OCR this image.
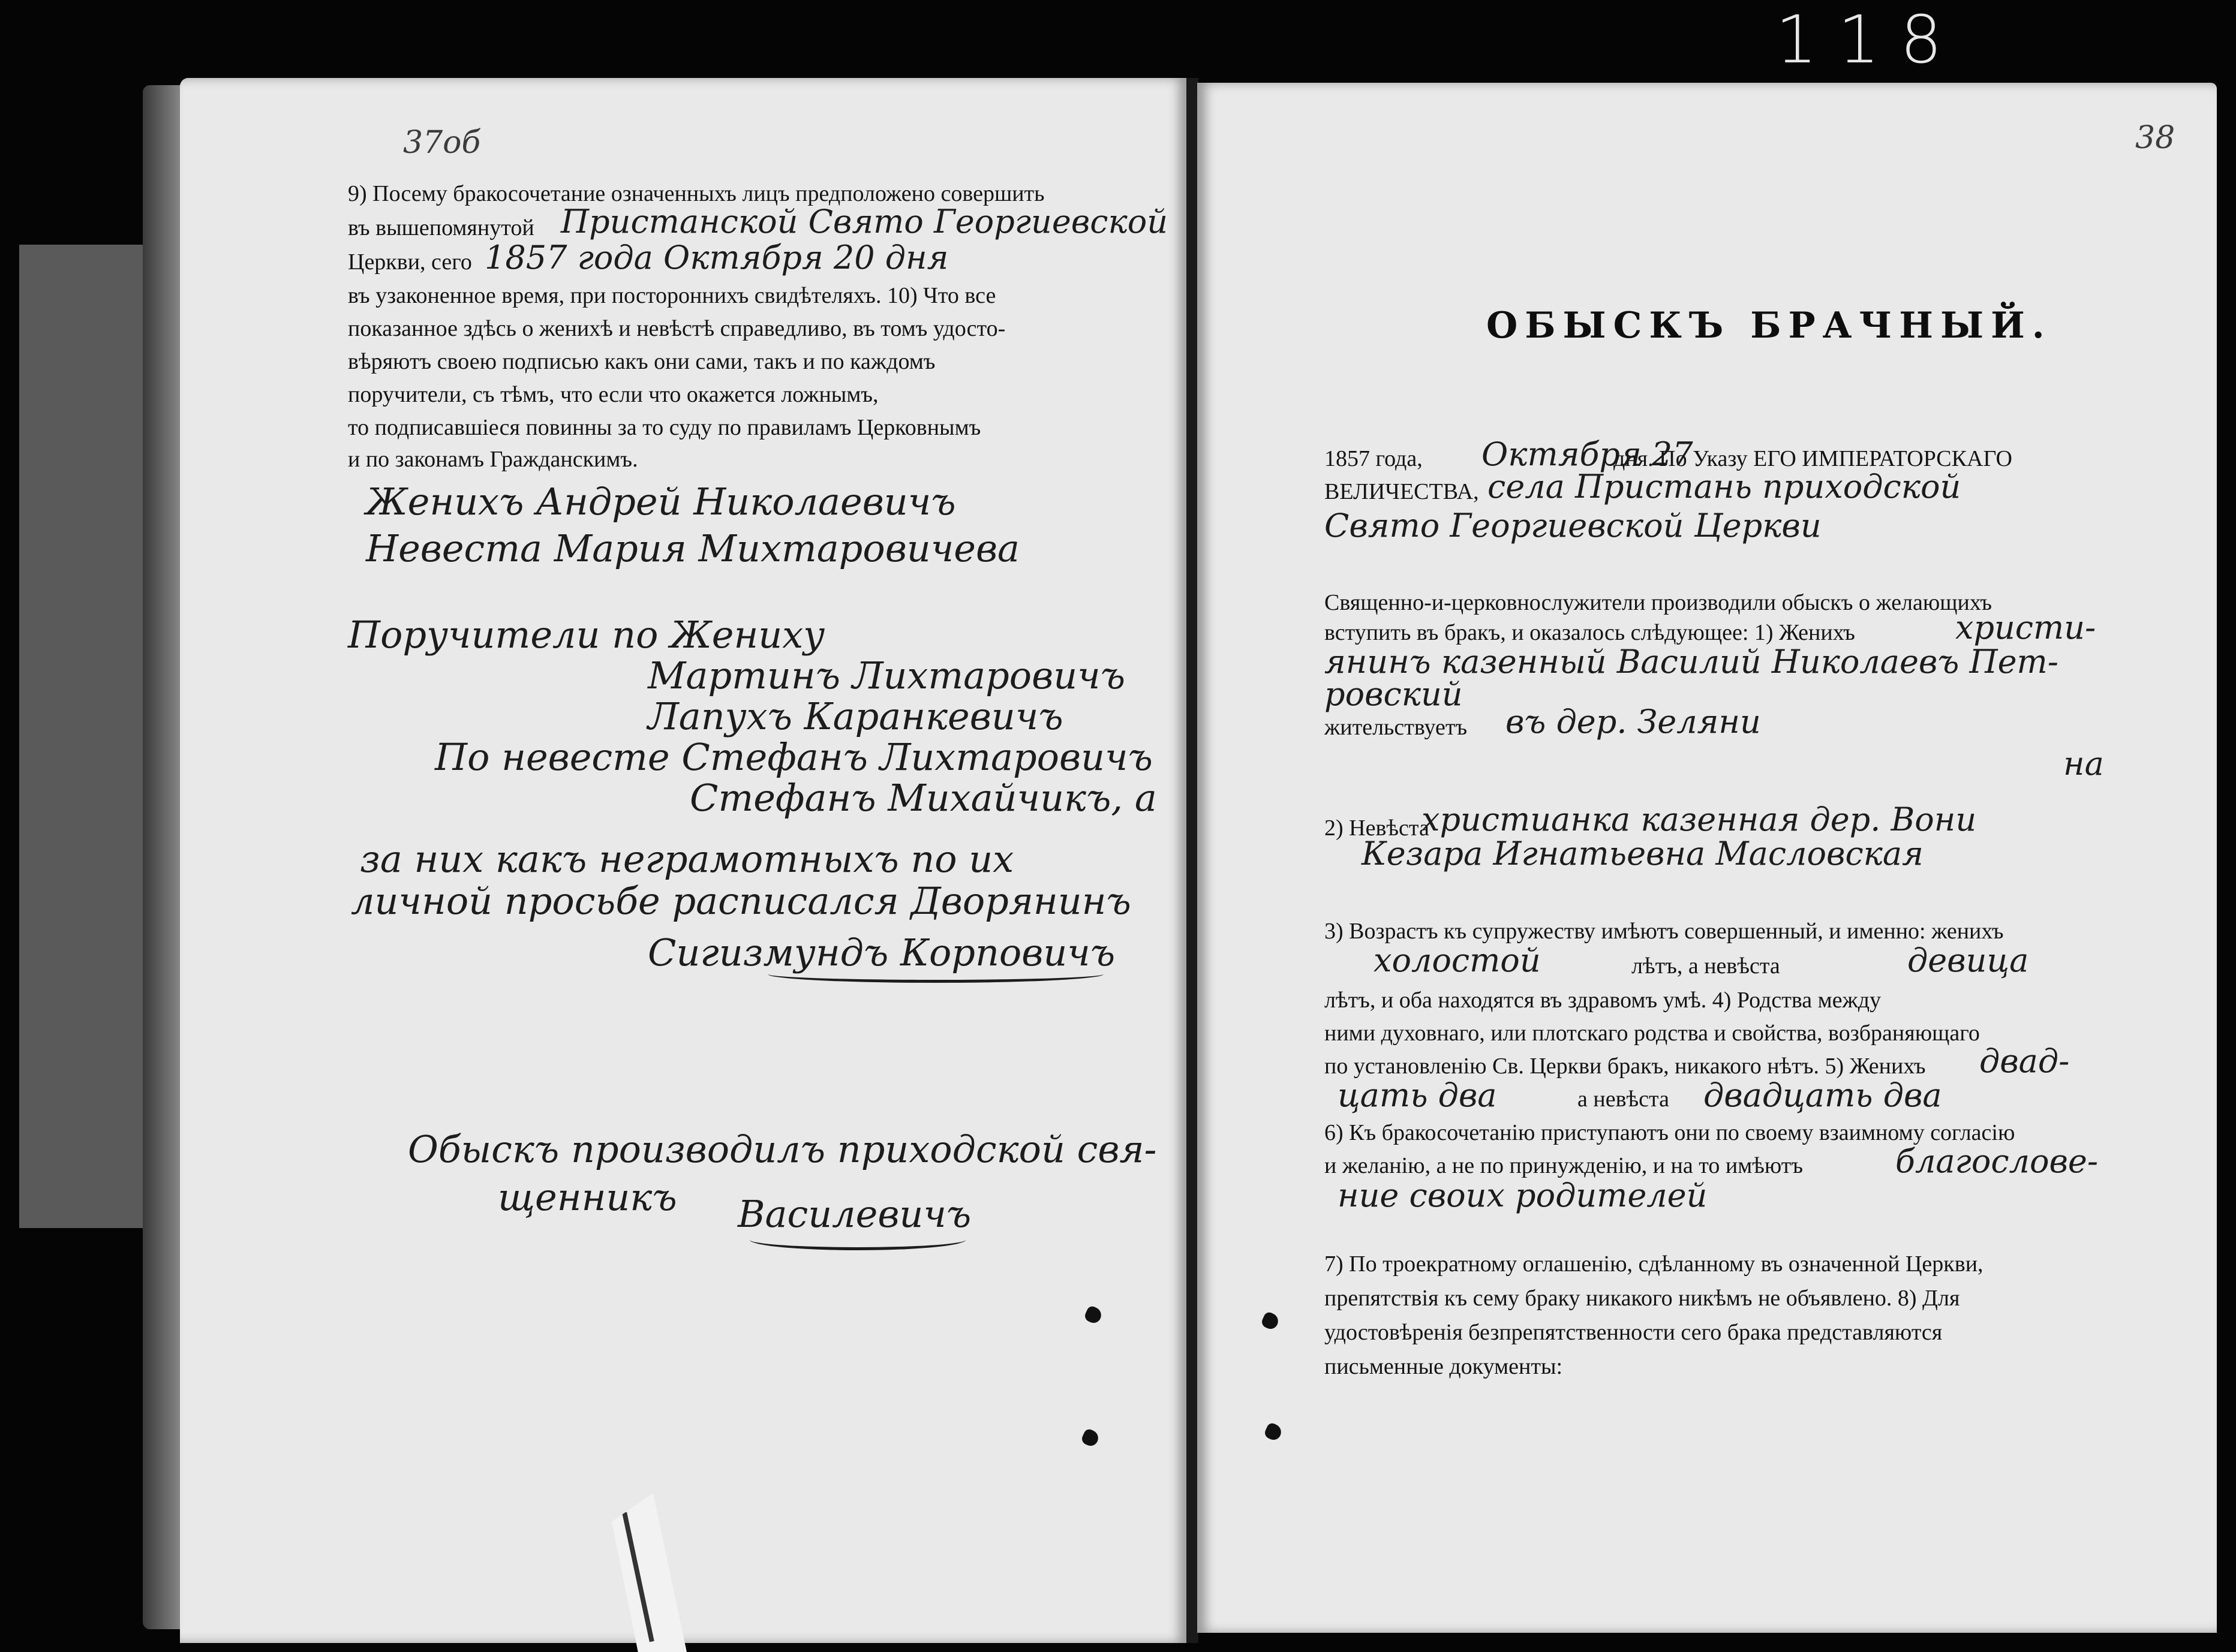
118
37об
9) Посему бракосочетание означенныхъ лицъ предположено совершить
въ вышепомянутой Пристанской Свято Георгиевской
Церкви, сего 1857 года Октября 20 дня
въ узаконенное время, при постороннихъ свидѣтеляхъ. 10) Что все
показанное здѣсь о женихѣ и невѣстѣ справедливо, въ томъ удосто-
вѣряютъ своею подписью какъ они сами, такъ и по каждомъ
поручители, съ тѣмъ, что если что окажется ложнымъ,
то подписавшiеся повинны за то суду по правиламъ Церковнымъ
и по законамъ Гражданскимъ.
Женихъ Андрей Николаевичъ
Невеста Мария Михтаровичева
Поручители по Жениху
Мартинъ Лихтаровичъ
Лапухъ Каранкевичъ
По невесте Стефанъ Лихтаровичъ
Стефанъ Михайчикъ, а
за них какъ неграмотныхъ по их
личной просьбе расписался Дворянинъ
Сигизмундъ Корповичъ
Обыскъ производилъ приходской свя-
щенникъ Василевичъ
38
ОБЫСКЪ БРАЧНЫЙ.
1857 года, Октября 27
дня. По Указу ЕГО ИМПЕРАТОРСКАГО
ВЕЛИЧЕСТВА, села Пристань приходской
Свято Георгиевской Церкви
Священно-и-церковнослужители производили обыскъ о желающихъ
вступить въ бракъ, и оказалось слѣдующее: 1) Женихъ	христи-
янинъ казенный Василий Николаевъ Пет-
ровский
жительствуетъ въ дер. Зеляни
на
2) Невѣста
христианка казенная дер. Вони
Кезара Игнатьевна Масловская
3) Возрастъ къ супружеству имѣютъ совершенный, и именно: женихъ
холостой	лѣтъ, а невѣста	девица
лѣтъ, и оба находятся въ здравомъ умѣ. 4) Родства между
ними духовнаго, или плотскаго родства и свойства, возбраняющаго
по установленiю Св. Церкви бракъ, никакого нѣтъ. 5) Женихъ двад-
цать два	а невѣста двадцать два
6) Къ бракосочетанiю приступаютъ они по своему взаимному согласiю
и желанiю, а не по принужденiю, и на то имѣютъ	благослове-
ние своих родителей
7) По троекратному оглашенiю, сдѣланному въ означенной Церкви,
препятствiя къ сему браку никакого никѣмъ не объявлено. 8) Для
удостовѣренiя безпрепятственности сего брака представляются
письменные документы:
